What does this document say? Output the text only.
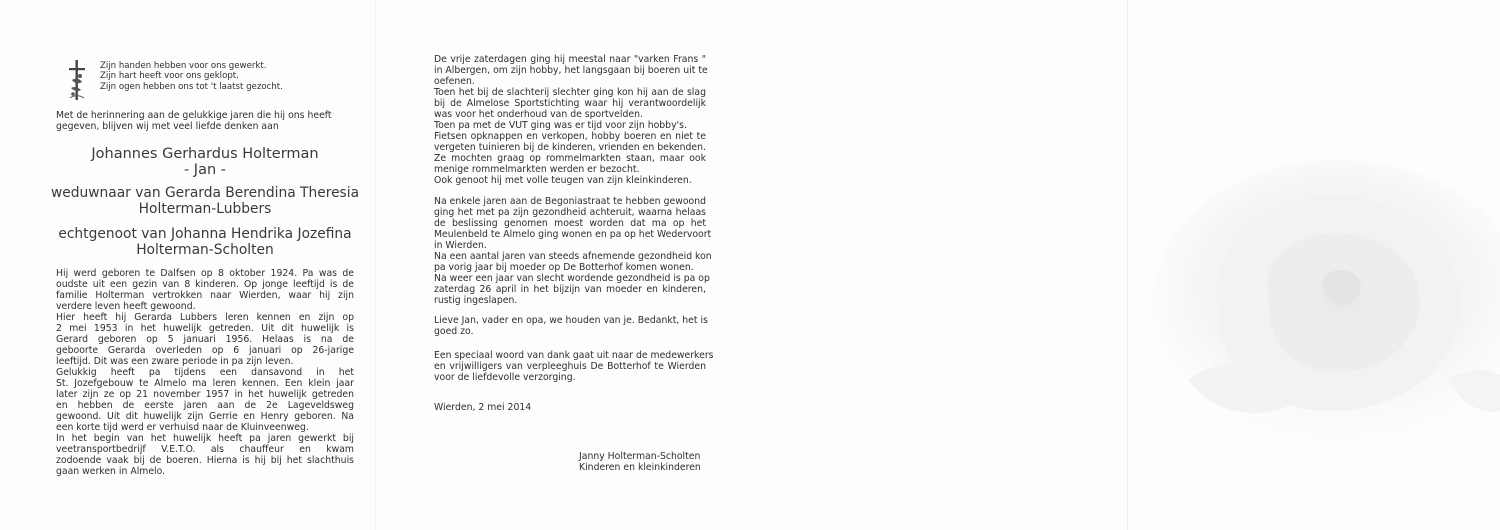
Zijn handen hebben voor ons gewerkt.
Zijn hart heeft voor ons geklopt.
Zijn ogen hebben ons tot 't laatst gezocht.
Met de herinnering aan de gelukkige jaren die hij ons heeft
gegeven, blijven wij met veel liefde denken aan
Johannes Gerhardus Holterman
- Jan -
weduwnaar van Gerarda Berendina Theresia
Holterman-Lubbers
echtgenoot van Johanna Hendrika Jozefina
Holterman-Scholten
Hij werd geboren te Dalfsen op 8 oktober 1924. Pa was de
oudste uit een gezin van 8 kinderen. Op jonge leeftijd is de
familie Holterman vertrokken naar Wierden, waar hij zijn
verdere leven heeft gewoond.
Hier heeft hij Gerarda Lubbers leren kennen en zijn op
2 mei 1953 in het huwelijk getreden. Uit dit huwelijk is
Gerard geboren op 5 januari 1956. Helaas is na de
geboorte Gerarda overleden op 6 januari op 26-jarige
leeftijd. Dit was een zware periode in pa zijn leven.
Gelukkig heeft pa tijdens een dansavond in het
St. Jozefgebouw te Almelo ma leren kennen. Een klein jaar
later zijn ze op 21 november 1957 in het huwelijk getreden
en hebben de eerste jaren aan de 2e Lageveldsweg
gewoond. Uit dit huwelijk zijn Gerrie en Henry geboren. Na
een korte tijd werd er verhuisd naar de Kluinveenweg.
In het begin van het huwelijk heeft pa jaren gewerkt bij
veetransportbedrijf V.E.T.O. als chauffeur en kwam
zodoende vaak bij de boeren. Hierna is hij bij het slachthuis
gaan werken in Almelo.
De vrije zaterdagen ging hij meestal naar "varken Frans "
in Albergen, om zijn hobby, het langsgaan bij boeren uit te
oefenen.
Toen het bij de slachterij slechter ging kon hij aan de slag
bij de Almelose Sportstichting waar hij verantwoordelijk
was voor het onderhoud van de sportvelden.
Toen pa met de VUT ging was er tijd voor zijn hobby's.
Fietsen opknappen en verkopen, hobby boeren en niet te
vergeten tuinieren bij de kinderen, vrienden en bekenden.
Ze mochten graag op rommelmarkten staan, maar ook
menige rommelmarkten werden er bezocht.
Ook genoot hij met volle teugen van zijn kleinkinderen.
Na enkele jaren aan de Begoniastraat te hebben gewoond
ging het met pa zijn gezondheid achteruit, waarna helaas
de beslissing genomen moest worden dat ma op het
Meulenbeld te Almelo ging wonen en pa op het Wedervoort
in Wierden.
Na een aantal jaren van steeds afnemende gezondheid kon
pa vorig jaar bij moeder op De Botterhof komen wonen.
Na weer een jaar van slecht wordende gezondheid is pa op
zaterdag 26 april in het bijzijn van moeder en kinderen,
rustig ingeslapen.
Lieve Jan, vader en opa, we houden van je. Bedankt, het is
goed zo.
Een speciaal woord van dank gaat uit naar de medewerkers
en vrijwilligers van verpleeghuis De Botterhof te Wierden
voor de liefdevolle verzorging.
Wierden, 2 mei 2014
Janny Holterman-Scholten
Kinderen en kleinkinderen
